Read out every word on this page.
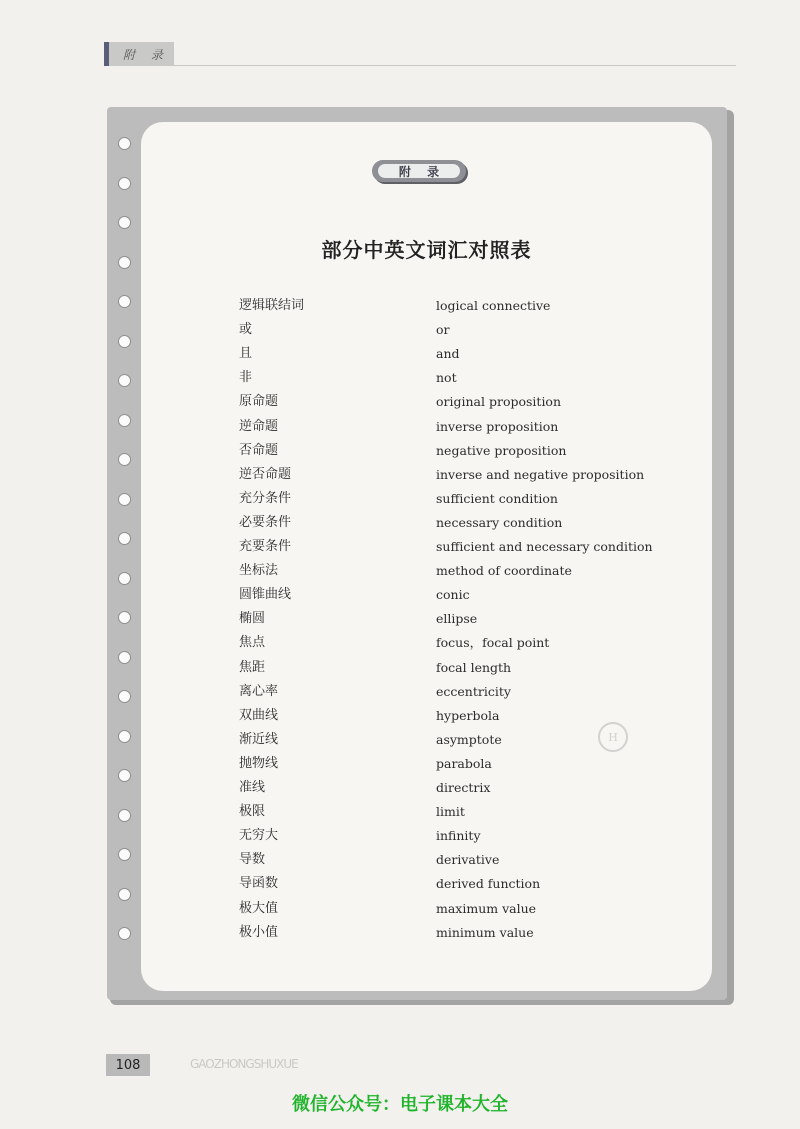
附 录
附 录
部分中英文词汇对照表
H
逻辑联结词	logical connective
或	or
且	and
非	not
原命题	original proposition
逆命题	inverse proposition
否命题	negative proposition
逆否命题	inverse and negative proposition
充分条件	sufficient condition
必要条件	necessary condition
充要条件	sufficient and necessary condition
坐标法	method of coordinate
圆锥曲线	conic
椭圆	ellipse
焦点	focus，focal point
焦距	focal length
离心率	eccentricity
双曲线	hyperbola
渐近线	asymptote
抛物线	parabola
准线	directrix
极限	limit
无穷大	infinity
导数	derivative
导函数	derived function
极大值	maximum value
极小值	minimum value
108	GAOZHONGSHUXUE
微信公众号：电子课本大全
